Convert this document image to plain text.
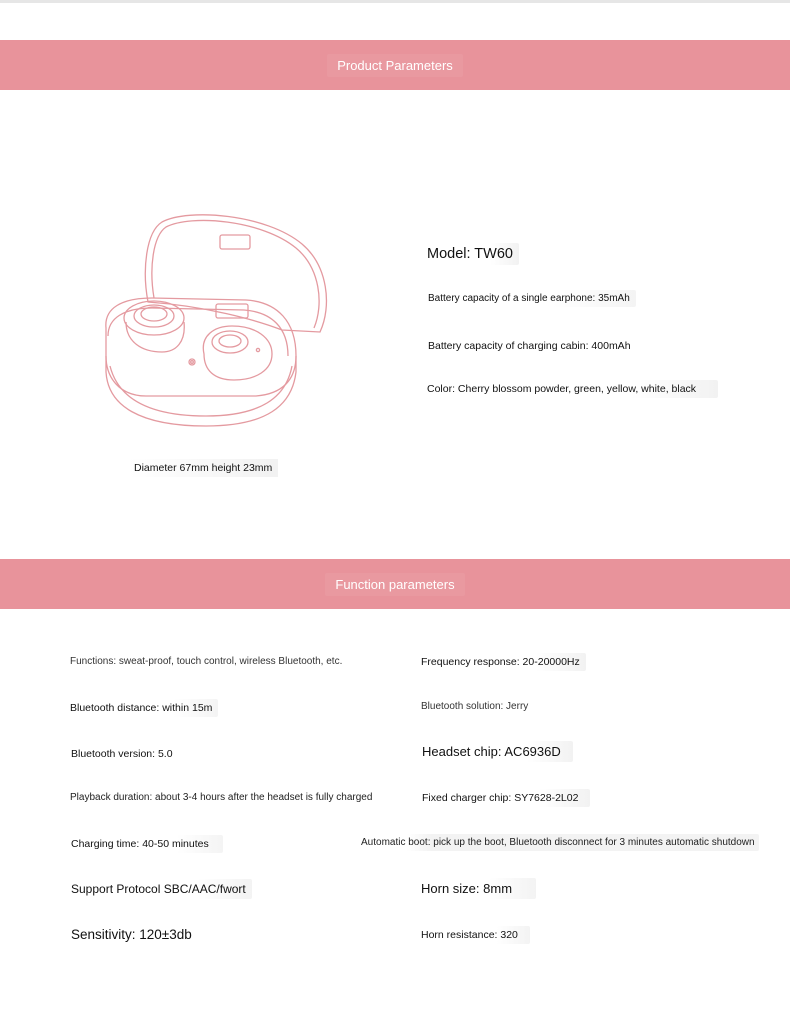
Product Parameters
Diameter 67mm height 23mm
Model: TW60
Battery capacity of a single earphone: 35mAh
Battery capacity of charging cabin: 400mAh
Color: Cherry blossom powder, green, yellow, white, black
Function parameters
Functions: sweat-proof, touch control, wireless Bluetooth, etc.	Frequency response: 20-20000Hz
Bluetooth distance: within 15m	Bluetooth solution: Jerry
Bluetooth version: 5.0	Headset chip: AC6936D
Playback duration: about 3-4 hours after the headset is fully charged	Fixed charger chip: SY7628-2L02
Charging time: 40-50 minutes	Automatic boot: pick up the boot, Bluetooth disconnect for 3 minutes automatic shutdown
Support Protocol SBC/AAC/fwort	Horn size: 8mm
Sensitivity: 120±3db	Horn resistance: 320
